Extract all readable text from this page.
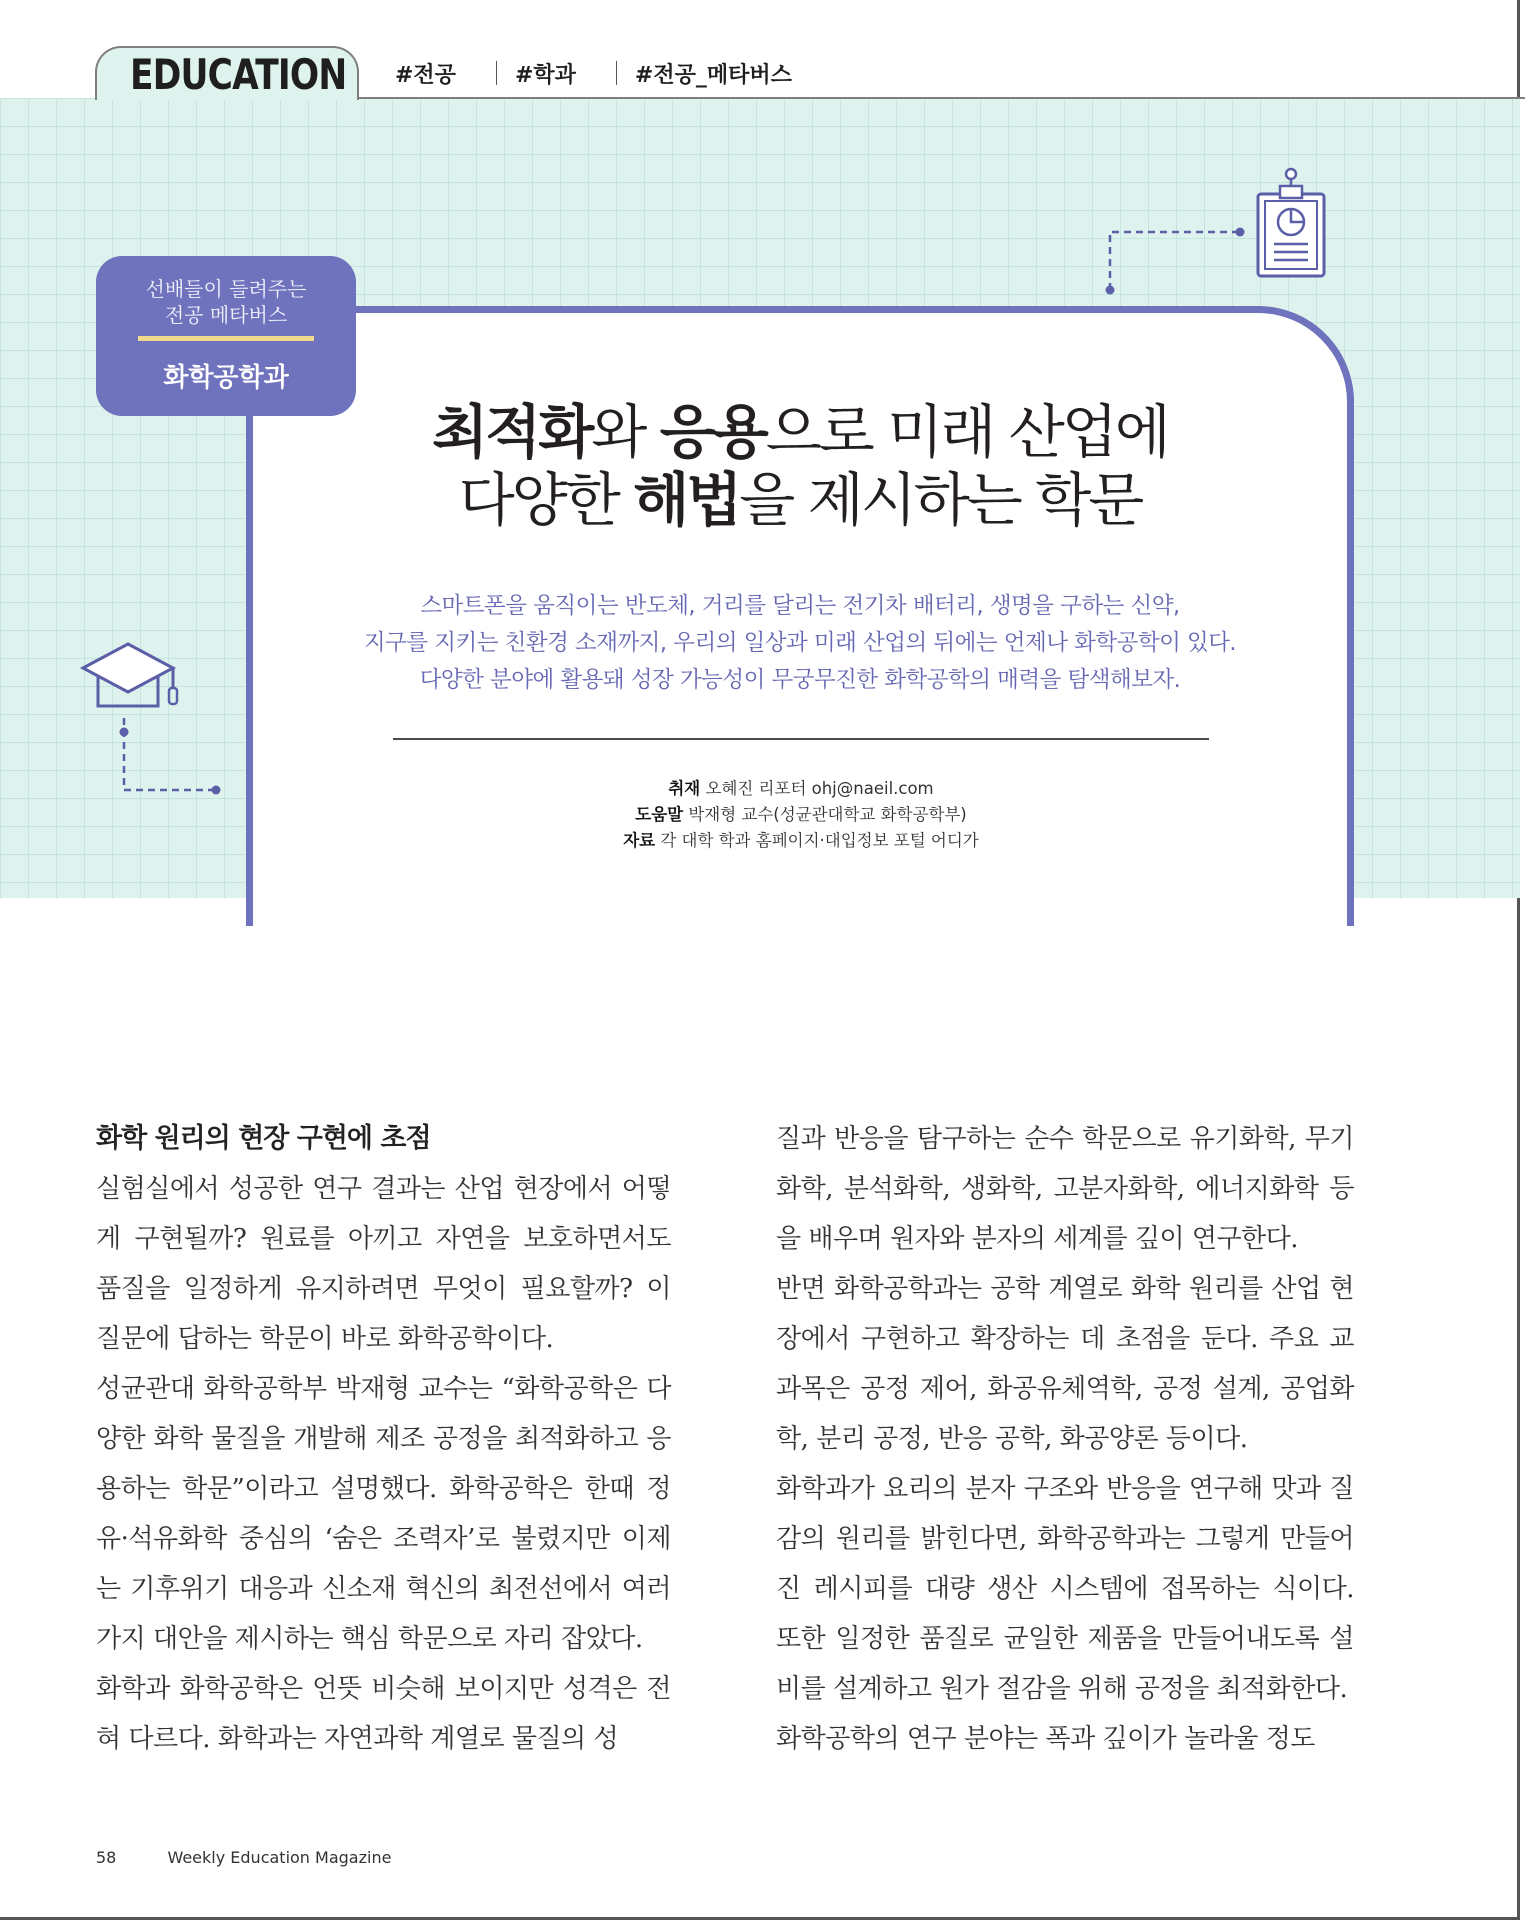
EDUCATION #전공	#학과	#전공_메타버스
선배들이 들려주는
전공 메타버스
화학공학과
최적화와 응용으로 미래 산업에
다양한 해법을 제시하는 학문
스마트폰을 움직이는 반도체, 거리를 달리는 전기차 배터리, 생명을 구하는 신약,
지구를 지키는 친환경 소재까지, 우리의 일상과 미래 산업의 뒤에는 언제나 화학공학이 있다.
다양한 분야에 활용돼 성장 가능성이 무궁무진한 화학공학의 매력을 탐색해보자.
취재 오혜진 리포터 ohj@naeil.com
도움말 박재형 교수(성균관대학교 화학공학부)
자료 각 대학 학과 홈페이지·대입정보 포털 어디가
화학 원리의 현장 구현에 초점
실험실에서 성공한 연구 결과는 산업 현장에서 어떻게 구현될까? 원료를 아끼고 자연을 보호하면서도 품질을 일정하게 유지하려면 무엇이 필요할까? 이 질문에 답하는 학문이 바로 화학공학이다.
성균관대 화학공학부 박재형 교수는 “화학공학은 다양한 화학 물질을 개발해 제조 공정을 최적화하고 응용하는 학문”이라고 설명했다. 화학공학은 한때 정유·석유화학 중심의 ‘숨은 조력자’로 불렸지만 이제는 기후위기 대응과 신소재 혁신의 최전선에서 여러 가지 대안을 제시하는 핵심 학문으로 자리 잡았다.
화학과 화학공학은 언뜻 비슷해 보이지만 성격은 전혀 다르다. 화학과는 자연과학 계열로 물질의 성
질과 반응을 탐구하는 순수 학문으로 유기화학, 무기화학, 분석화학, 생화학, 고분자화학, 에너지화학 등을 배우며 원자와 분자의 세계를 깊이 연구한다.
반면 화학공학과는 공학 계열로 화학 원리를 산업 현장에서 구현하고 확장하는 데 초점을 둔다. 주요 교과목은 공정 제어, 화공유체역학, 공정 설계, 공업화학, 분리 공정, 반응 공학, 화공양론 등이다.
화학과가 요리의 분자 구조와 반응을 연구해 맛과 질감의 원리를 밝힌다면, 화학공학과는 그렇게 만들어진 레시피를 대량 생산 시스템에 접목하는 식이다. 또한 일정한 품질로 균일한 제품을 만들어내도록 설비를 설계하고 원가 절감을 위해 공정을 최적화한다.
화학공학의 연구 분야는 폭과 깊이가 놀라울 정도
58	Weekly Education Magazine
